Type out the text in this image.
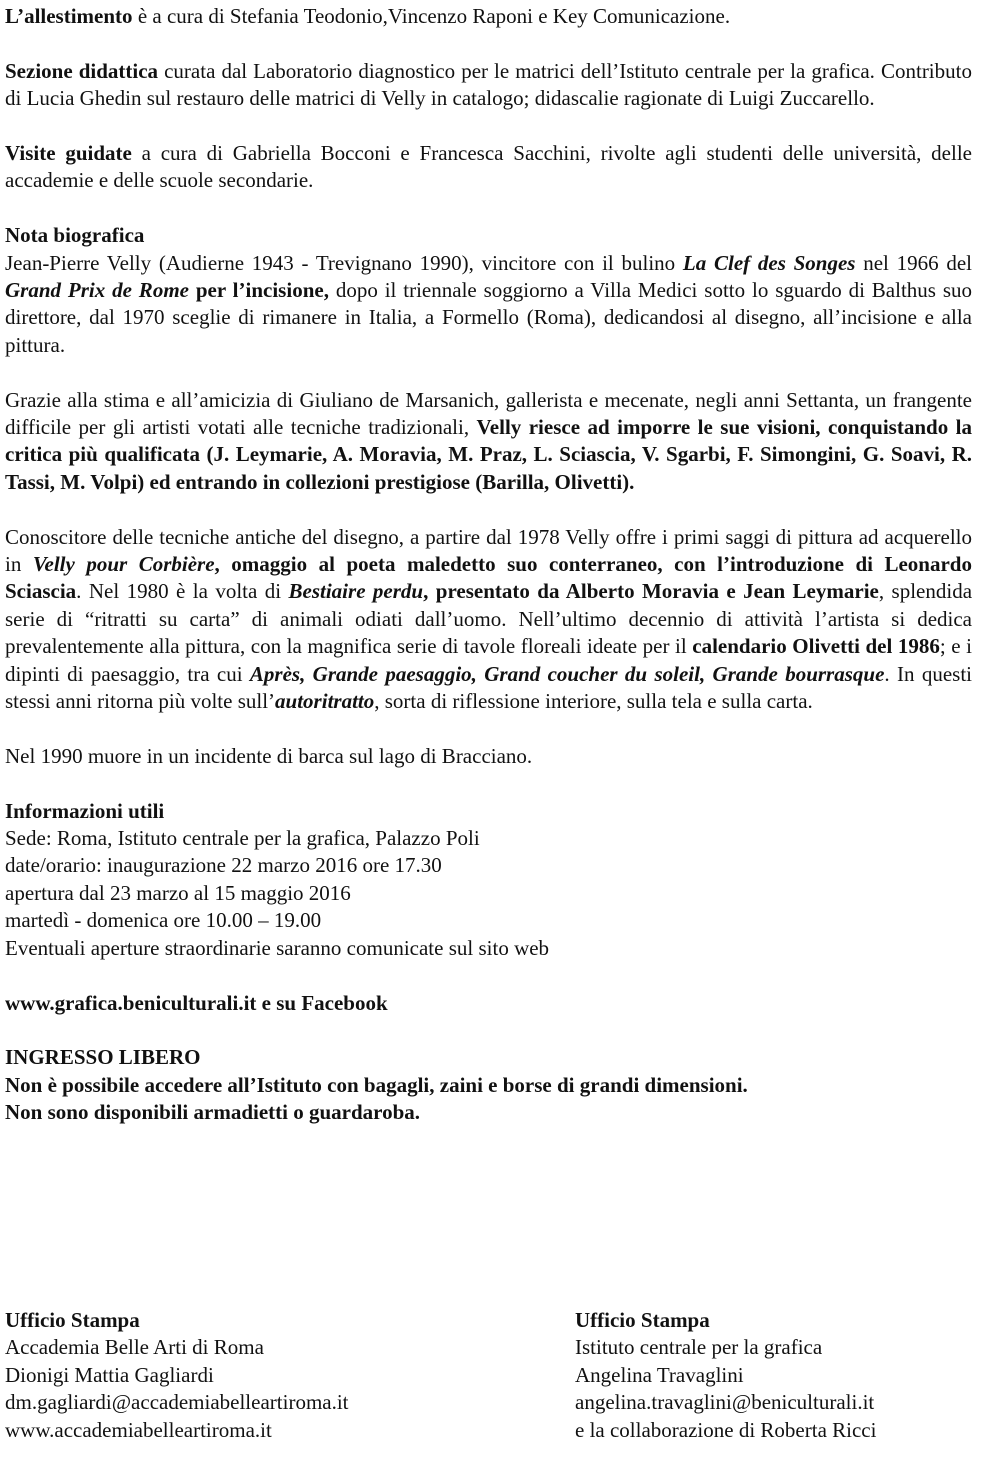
L’allestimento è a cura di Stefania Teodonio,Vincenzo Raponi e Key Comunicazione.

Sezione didattica curata dal Laboratorio diagnostico per le matrici dell’Istituto centrale per la grafica. Contributo di Lucia Ghedin sul restauro delle matrici di Velly in catalogo; didascalie ragionate di Luigi Zuccarello.

Visite guidate a cura di Gabriella Bocconi e Francesca Sacchini, rivolte agli studenti delle università, delle accademie e delle scuole secondarie.

Nota biografica

Jean-Pierre Velly (Audierne 1943 - Trevignano 1990), vincitore con il bulino La Clef des Songes nel 1966 del Grand Prix de Rome per l’incisione, dopo il triennale soggiorno a Villa Medici sotto lo sguardo di Balthus suo direttore, dal 1970 sceglie di rimanere in Italia, a Formello (Roma), dedicandosi al disegno, all’incisione e alla pittura.

Grazie alla stima e all’amicizia di Giuliano de Marsanich, gallerista e mecenate, negli anni Settanta, un frangente difficile per gli artisti votati alle tecniche tradizionali, Velly riesce ad imporre le sue visioni, conquistando la critica più qualificata (J. Leymarie, A. Moravia, M. Praz, L. Sciascia, V. Sgarbi, F. Simongini, G. Soavi, R. Tassi, M. Volpi) ed entrando in collezioni prestigiose (Barilla, Olivetti).

Conoscitore delle tecniche antiche del disegno, a partire dal 1978 Velly offre i primi saggi di pittura ad acquerello in Velly pour Corbière, omaggio al poeta maledetto suo conterraneo, con l’introduzione di Leonardo Sciascia. Nel 1980 è la volta di Bestiaire perdu, presentato da Alberto Moravia e Jean Leymarie, splendida serie di “ritratti su carta” di animali odiati dall’uomo. Nell’ultimo decennio di attività l’artista si dedica prevalentemente alla pittura, con la magnifica serie di tavole floreali ideate per il calendario Olivetti del 1986; e i dipinti di paesaggio, tra cui Après, Grande paesaggio, Grand coucher du soleil, Grande bourrasque. In questi stessi anni ritorna più volte sull’autoritratto, sorta di riflessione interiore, sulla tela e sulla carta.

Nel 1990 muore in un incidente di barca sul lago di Bracciano.

Informazioni utili

Sede: Roma, Istituto centrale per la grafica, Palazzo Poli

date/orario: inaugurazione 22 marzo 2016 ore 17.30

apertura dal 23 marzo al 15 maggio 2016

martedì - domenica ore 10.00 – 19.00

Eventuali aperture straordinarie saranno comunicate sul sito web

www.grafica.beniculturali.it e su Facebook

INGRESSO LIBERO

Non è possibile accedere all’Istituto con bagagli, zaini e borse di grandi dimensioni.

Non sono disponibili armadietti o guardaroba.

Ufficio Stampa
Accademia Belle Arti di Roma
Dionigi Mattia Gagliardi
dm.gagliardi@accademiabelleartiroma.it
www.accademiabelleartiroma.it
Ufficio Stampa
Istituto centrale per la grafica
Angelina Travaglini
angelina.travaglini@beniculturali.it
e la collaborazione di Roberta Ricci
